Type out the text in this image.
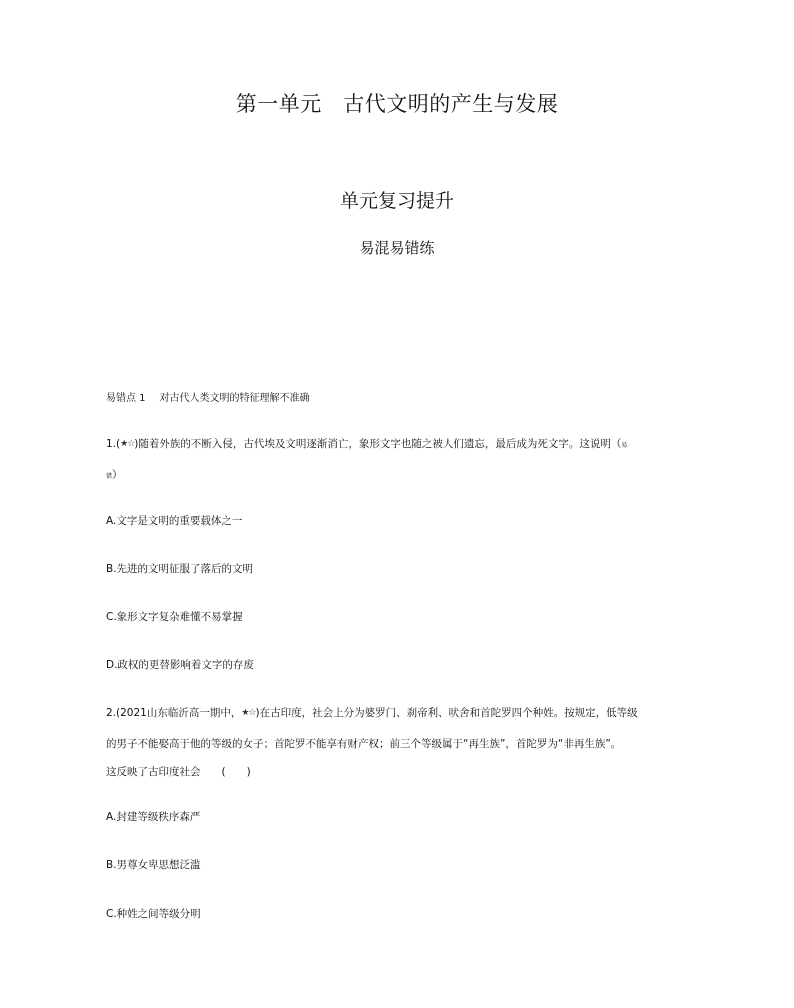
第一单元　古代文明的产生与发展
单元复习提升
易混易错练
易错点 1 对古代人类文明的特征理解不准确
1.(★☆)随着外族的不断入侵，古代埃及文明逐渐消亡，象形文字也随之被人们遗忘，最后成为死文字。这说明（易
错）
A.文字是文明的重要载体之一
B.先进的文明征服了落后的文明
C.象形文字复杂难懂不易掌握
D.政权的更替影响着文字的存废
2.(2021山东临沂高一期中，★☆)在古印度，社会上分为婆罗门、刹帝利、吠舍和首陀罗四个种姓。按规定，低等级
的男子不能娶高于他的等级的女子；首陀罗不能享有财产权；前三个等级属于“再生族”，首陀罗为“非再生族”。
这反映了古印度社会　　(　　)
A.封建等级秩序森严
B.男尊女卑思想泛滥
C.种姓之间等级分明
